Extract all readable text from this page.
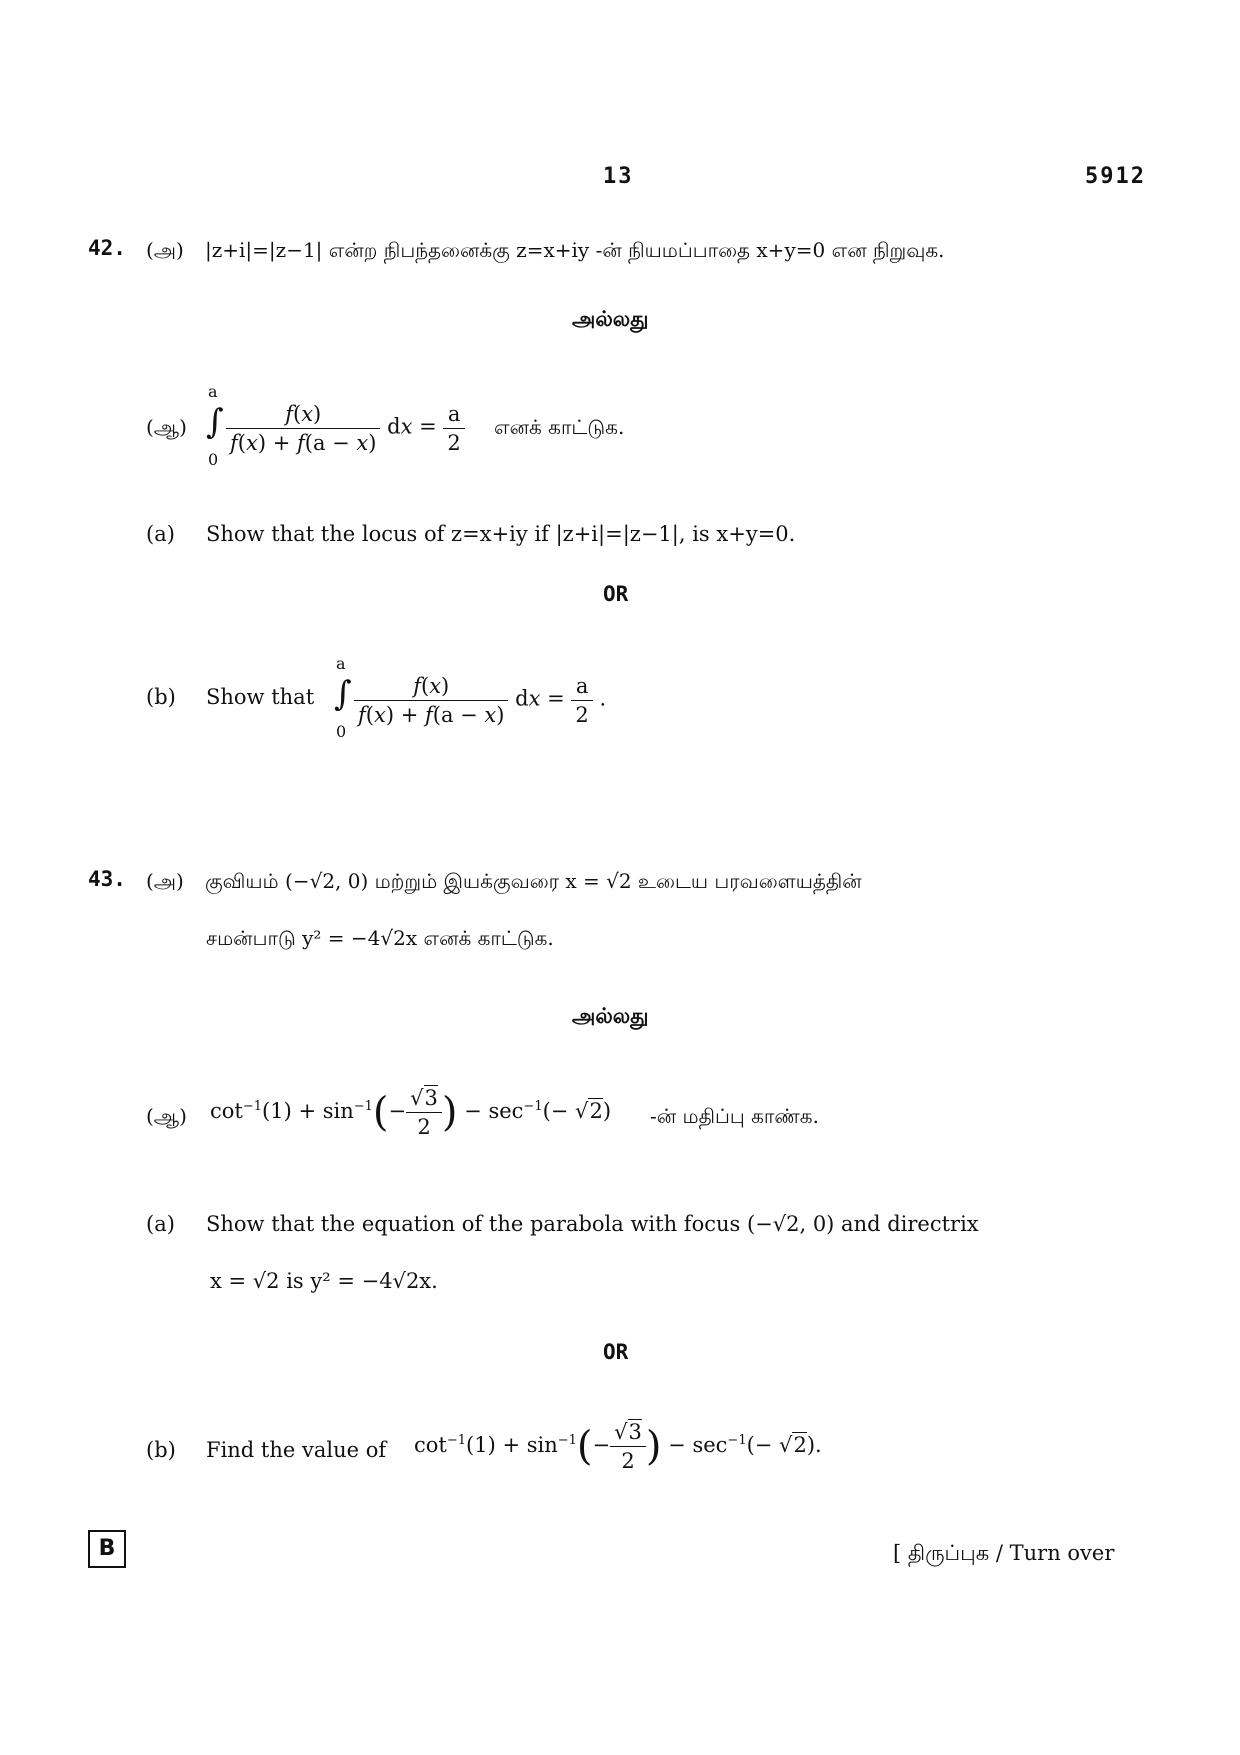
13	5912
42. (அ) |z+i|=|z−1| என்ற நிபந்தனைக்கு z=x+iy -ன் நியமப்பாதை x+y=0 என நிறுவுக.
அல்லது
(ஆ)
a
∫
0
$\frac{f(x)}{f(x) + f(a - x)}$ dx = $\frac{a}{2}$ எனக் காட்டுக.
(a) Show that the locus of z=x+iy if |z+i|=|z−1|, is x+y=0.
OR
(b) Show that
a
∫
0
$\frac{f(x)}{f(x) + f(a - x)}$ dx = $\frac{a}{2}$ .
43. (அ) குவியம் (−√2, 0) மற்றும் இயக்குவரை x = √2 உடைய பரவளையத்தின்
சமன்பாடு y² = −4√2x எனக் காட்டுக.
அல்லது
(ஆ) $\cot^{-1}(1) + \sin^{-1}(- \frac{√3}{2}$ ) − $\sec^{-1}(- √2)$ -ன் மதிப்பு காண்க.
(a) Show that the equation of the parabola with focus (−√2, 0) and directrix
x = √2 is y² = −4√2x.
OR
(b) Find the value of $\cot^{-1}(1) + \sin^{-1}(- \frac{√3}{2}$ ) − $\sec^{-1}(- √2)$.
B	[ திருப்புக / Turn over
